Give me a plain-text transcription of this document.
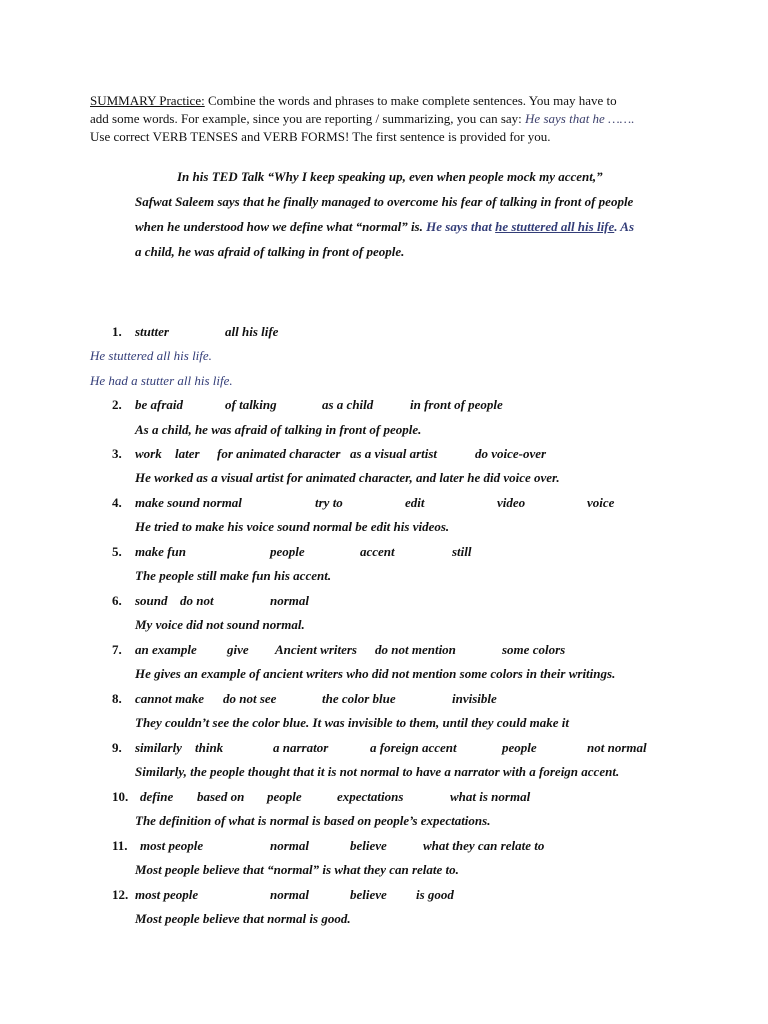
SUMMARY Practice: Combine the words and phrases to make complete sentences. You may have to
add some words. For example, since you are reporting / summarizing, you can say: He says that he …….
Use correct VERB TENSES and VERB FORMS! The first sentence is provided for you.
In his TED Talk “Why I keep speaking up, even when people mock my accent,”
Safwat Saleem says that he finally managed to overcome his fear of talking in front of people
when he understood how we define what “normal” is. He says that he stuttered all his life. As
a child, he was afraid of talking in front of people.
1. stutter	all his life
He stuttered all his life.
He had a stutter all his life.
2. be afraid	of talking	as a child	in front of people
As a child, he was afraid of talking in front of people.
3. work later for animated character as a visual artist	do voice-over
He worked as a visual artist for animated character, and later he did voice over.
4. make sound normal	try to	edit	video	voice
He tried to make his voice sound normal be edit his videos.
5. make fun	people	accent	still
The people still make fun his accent.
6. sound do not	normal
My voice did not sound normal.
7. an example give Ancient writers do not mention	some colors
He gives an example of ancient writers who did not mention some colors in their writings.
8. cannot make do not see	the color blue	invisible
They couldn’t see the color blue. It was invisible to them, until they could make it
9. similarly think	a narrator	a foreign accent	people	not normal
Similarly, the people thought that it is not normal to have a narrator with a foreign accent.
10. define based on people	expectations	what is normal
The definition of what is normal is based on people’s expectations.
11. most people	normal	believe	what they can relate to
Most people believe that “normal” is what they can relate to.
12. most people	normal	believe is good
Most people believe that normal is good.
